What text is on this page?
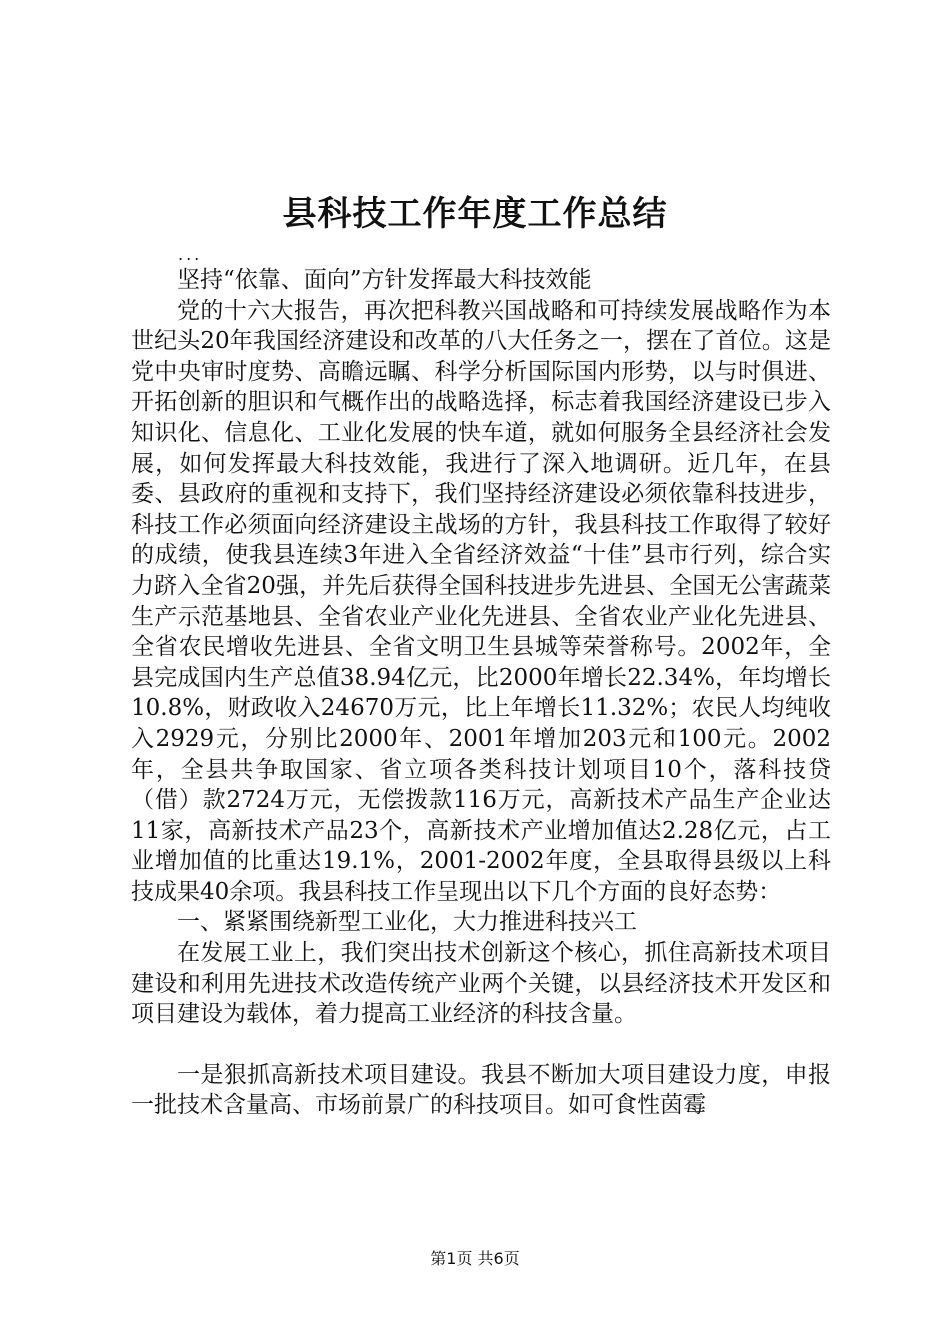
县科技工作年度工作总结
...

坚持“依靠、面向”方针发挥最大科技效能

党的十六大报告，再次把科教兴国战略和可持续发展战略作为本世纪头20年我国经济建设和改革的八大任务之一，摆在了首位。这是党中央审时度势、高瞻远瞩、科学分析国际国内形势，以与时俱进、开拓创新的胆识和气概作出的战略选择，标志着我国经济建设已步入知识化、信息化、工业化发展的快车道，就如何服务全县经济社会发展，如何发挥最大科技效能，我进行了深入地调研。近几年，在县委、县政府的重视和支持下，我们坚持经济建设必须依靠科技进步，科技工作必须面向经济建设主战场的方针，我县科技工作取得了较好的成绩，使我县连续3年进入全省经济效益“十佳”县市行列，综合实力跻入全省20强，并先后获得全国科技进步先进县、全国无公害蔬菜生产示范基地县、全省农业产业化先进县、全省农业产业化先进县、全省农民增收先进县、全省文明卫生县城等荣誉称号。2002年，全县完成国内生产总值38.94亿元，比2000年增长22.34%，年均增长10.8%，财政收入24670万元，比上年增长11.32%；农民人均纯收入2929元，分别比2000年、2001年增加203元和100元。2002年，全县共争取国家、省立项各类科技计划项目10个，落科技贷（借）款2724万元，无偿拨款116万元，高新技术产品生产企业达11家，高新技术产品23个，高新技术产业增加值达2.28亿元，占工业增加值的比重达19.1%，2001-2002年度，全县取得县级以上科技成果40余项。我县科技工作呈现出以下几个方面的良好态势：

一、紧紧围绕新型工业化，大力推进科技兴工

在发展工业上，我们突出技术创新这个核心，抓住高新技术项目建设和利用先进技术改造传统产业两个关键，以县经济技术开发区和项目建设为载体，着力提高工业经济的科技含量。

一是狠抓高新技术项目建设。我县不断加大项目建设力度，申报一批技术含量高、市场前景广的科技项目。如可食性茵霉

第1页 共6页
